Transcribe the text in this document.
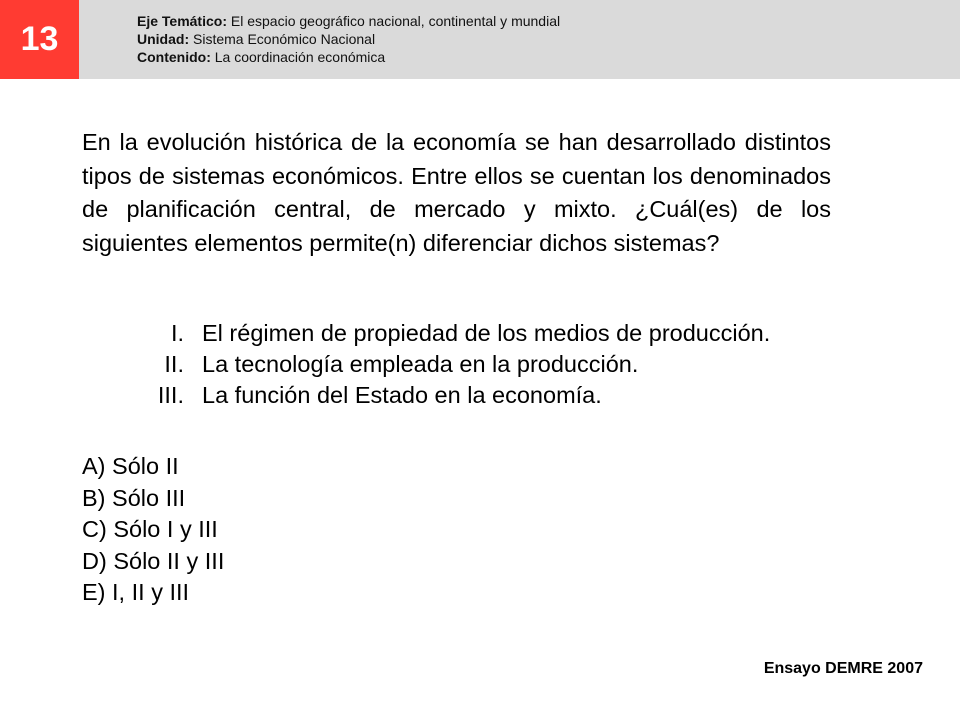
13	Eje Temático: El espacio geográfico nacional, continental y mundial
Unidad: Sistema Económico Nacional
Contenido: La coordinación económica
En la evolución histórica de la economía se han desarrollado distintos tipos de sistemas económicos. Entre ellos se cuentan los denominados de planificación central, de mercado y mixto. ¿Cuál(es) de los siguientes elementos permite(n) diferenciar dichos sistemas?
I. El régimen de propiedad de los medios de producción.
II. La tecnología empleada en la producción.
III. La función del Estado en la economía.
A) Sólo II
B) Sólo III
C) Sólo I y III
D) Sólo II y III
E) I, II y III
Ensayo DEMRE 2007
